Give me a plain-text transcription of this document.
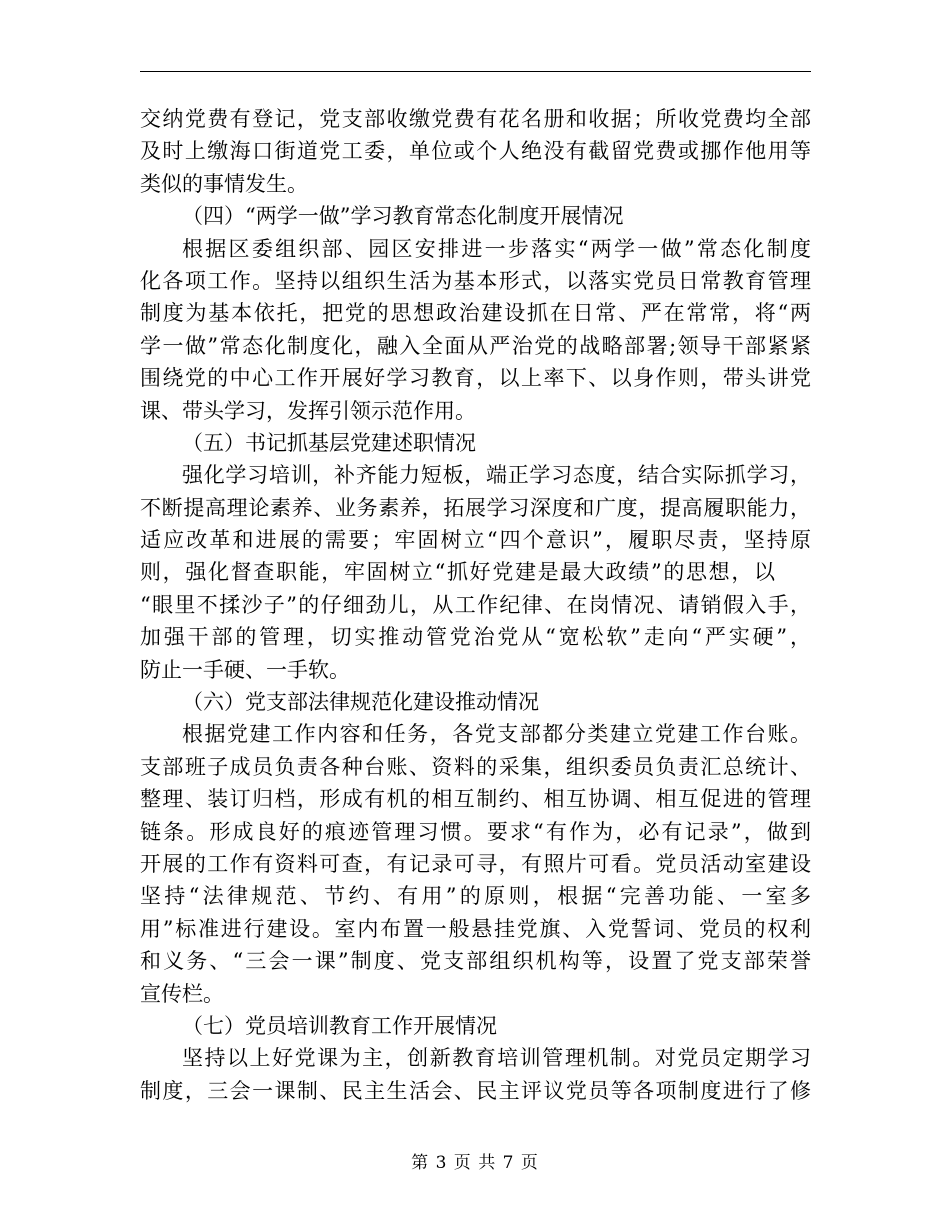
交纳党费有登记，党支部收缴党费有花名册和收据；所收党费均全部
及时上缴海口街道党工委，单位或个人绝没有截留党费或挪作他用等
类似的事情发生。
（四）“两学一做”学习教育常态化制度开展情况
根据区委组织部、园区安排进一步落实“两学一做”常态化制度
化各项工作。坚持以组织生活为基本形式，以落实党员日常教育管理
制度为基本依托，把党的思想政治建设抓在日常、严在常常，将“两
学一做”常态化制度化，融入全面从严治党的战略部署;领导干部紧紧
围绕党的中心工作开展好学习教育，以上率下、以身作则，带头讲党
课、带头学习，发挥引领示范作用。
（五）书记抓基层党建述职情况
强化学习培训，补齐能力短板，端正学习态度，结合实际抓学习，
不断提高理论素养、业务素养，拓展学习深度和广度，提高履职能力，
适应改革和进展的需要；牢固树立“四个意识”，履职尽责，坚持原
则，强化督查职能，牢固树立“抓好党建是最大政绩”的思想，以
“眼里不揉沙子”的仔细劲儿，从工作纪律、在岗情况、请销假入手，
加强干部的管理，切实推动管党治党从“宽松软”走向“严实硬”，
防止一手硬、一手软。
（六）党支部法律规范化建设推动情况
根据党建工作内容和任务，各党支部都分类建立党建工作台账。
支部班子成员负责各种台账、资料的采集，组织委员负责汇总统计、
整理、装订归档，形成有机的相互制约、相互协调、相互促进的管理
链条。形成良好的痕迹管理习惯。要求“有作为，必有记录”，做到
开展的工作有资料可查，有记录可寻，有照片可看。党员活动室建设
坚持“法律规范、节约、有用”的原则，根据“完善功能、一室多
用”标准进行建设。室内布置一般悬挂党旗、入党誓词、党员的权利
和义务、“三会一课”制度、党支部组织机构等，设置了党支部荣誉
宣传栏。
（七）党员培训教育工作开展情况
坚持以上好党课为主，创新教育培训管理机制。对党员定期学习
制度，三会一课制、民主生活会、民主评议党员等各项制度进行了修
第 3 页 共 7 页
